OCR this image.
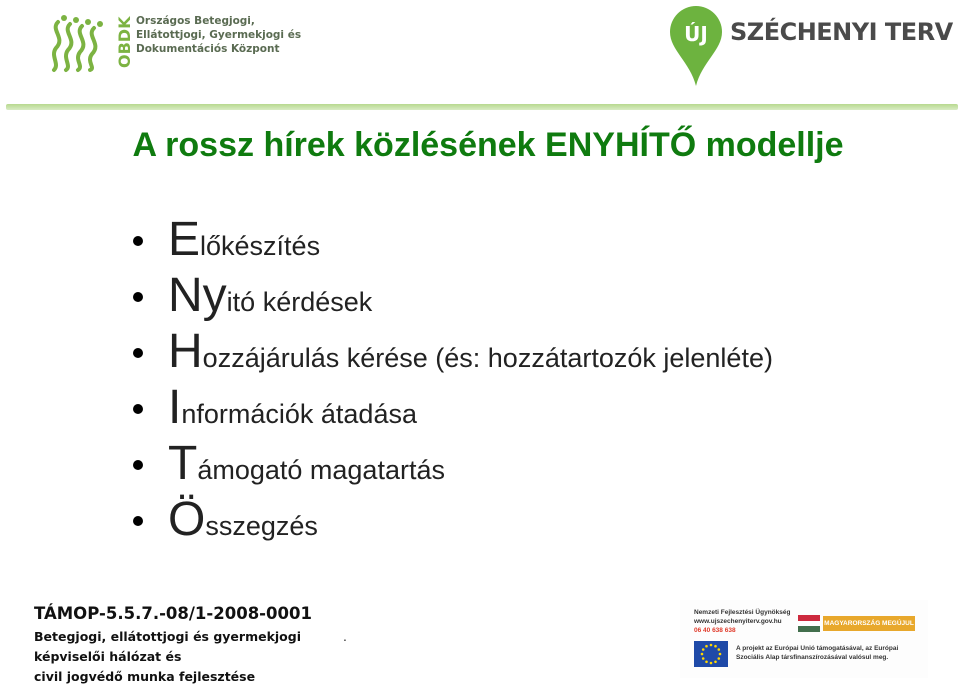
OBDK Országos Betegjogi,
Ellátottjogi, Gyermekjogi és
Dokumentációs Központ
ÚJ SZÉCHENYI TERV
A rossz hírek közlésének ENYHÍTŐ modellje
Előkészítés
Nyitó kérdések
Hozzájárulás kérése (és: hozzátartozók jelenléte)
Információk átadása
Támogató magatartás
Összegzés
TÁMOP-5.5.7.-08/1-2008-0001
Betegjogi, ellátottjogi és gyermekjogi
képviselői hálózat és
civil jogvédő munka fejlesztése
.
Nemzeti Fejlesztési Ügynökség
www.ujszechenyiterv.gov.hu
06 40 638 638
MAGYARORSZÁG MEGÚJUL
A projekt az Európai Unió támogatásával, az Európai
Szociális Alap társfinanszírozásával valósul meg.
